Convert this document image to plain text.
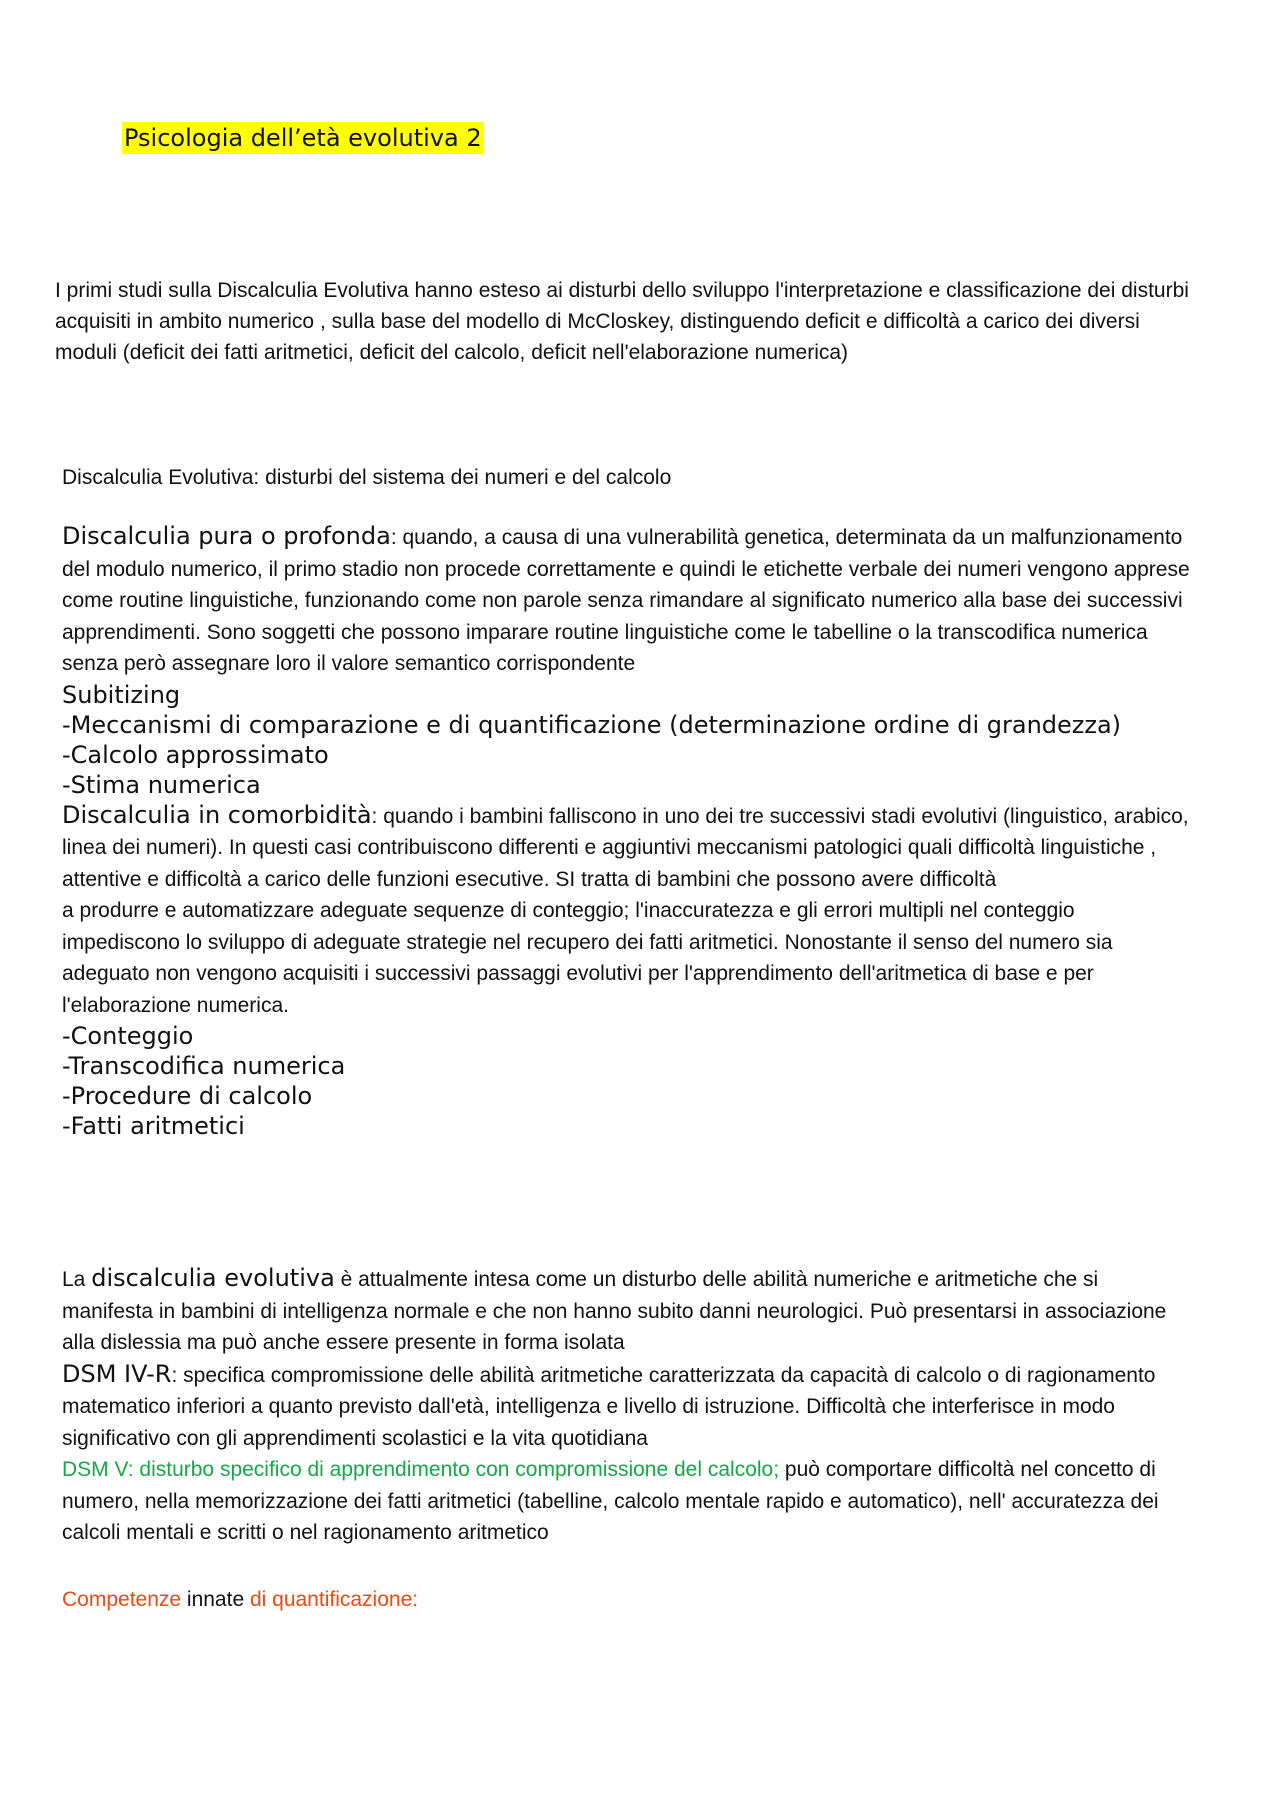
Psicologia dell’età evolutiva 2
I primi studi sulla Discalculia Evolutiva hanno esteso ai disturbi dello sviluppo l'interpretazione e classificazione dei disturbi acquisiti in ambito numerico , sulla base del modello di McCloskey, distinguendo deficit e difficoltà a carico dei diversi moduli (deficit dei fatti aritmetici, deficit del calcolo, deficit nell'elaborazione numerica)
Discalculia Evolutiva: disturbi del sistema dei numeri e del calcolo
Discalculia pura o profonda: quando, a causa di una vulnerabilità genetica, determinata da un malfunzionamento del modulo numerico, il primo stadio non procede correttamente e quindi le etichette verbale dei numeri vengono apprese come routine linguistiche, funzionando come non parole senza rimandare al significato numerico alla base dei successivi apprendimenti. Sono soggetti che possono imparare routine linguistiche come le tabelline o la transcodifica numerica senza però assegnare loro il valore semantico corrispondente
Subitizing
-Meccanismi di comparazione e di quantificazione (determinazione ordine di grandezza)
-Calcolo approssimato
-Stima numerica
Discalculia in comorbidità: quando i bambini falliscono in uno dei tre successivi stadi evolutivi (linguistico, arabico, linea dei numeri). In questi casi contribuiscono differenti e aggiuntivi meccanismi patologici quali difficoltà linguistiche , attentive e difficoltà a carico delle funzioni esecutive. SI tratta di bambini che possono avere difficoltà
a produrre e automatizzare adeguate sequenze di conteggio; l'inaccuratezza e gli errori multipli nel conteggio impediscono lo sviluppo di adeguate strategie nel recupero dei fatti aritmetici. Nonostante il senso del numero sia adeguato non vengono acquisiti i successivi passaggi evolutivi per l'apprendimento dell'aritmetica di base e per l'elaborazione numerica.
-Conteggio
-Transcodifica numerica
-Procedure di calcolo
-Fatti aritmetici
La discalculia evolutiva è attualmente intesa come un disturbo delle abilità numeriche e aritmetiche che si manifesta in bambini di intelligenza normale e che non hanno subito danni neurologici. Può presentarsi in associazione alla dislessia ma può anche essere presente in forma isolata
DSM IV-R: specifica compromissione delle abilità aritmetiche caratterizzata da capacità di calcolo o di ragionamento matematico inferiori a quanto previsto dall'età, intelligenza e livello di istruzione. Difficoltà che interferisce in modo significativo con gli apprendimenti scolastici e la vita quotidiana
DSM V: disturbo specifico di apprendimento con compromissione del calcolo; può comportare difficoltà nel concetto di numero, nella memorizzazione dei fatti aritmetici (tabelline, calcolo mentale rapido e automatico), nell' accuratezza dei calcoli mentali e scritti o nel ragionamento aritmetico
Competenze innate di quantificazione:
